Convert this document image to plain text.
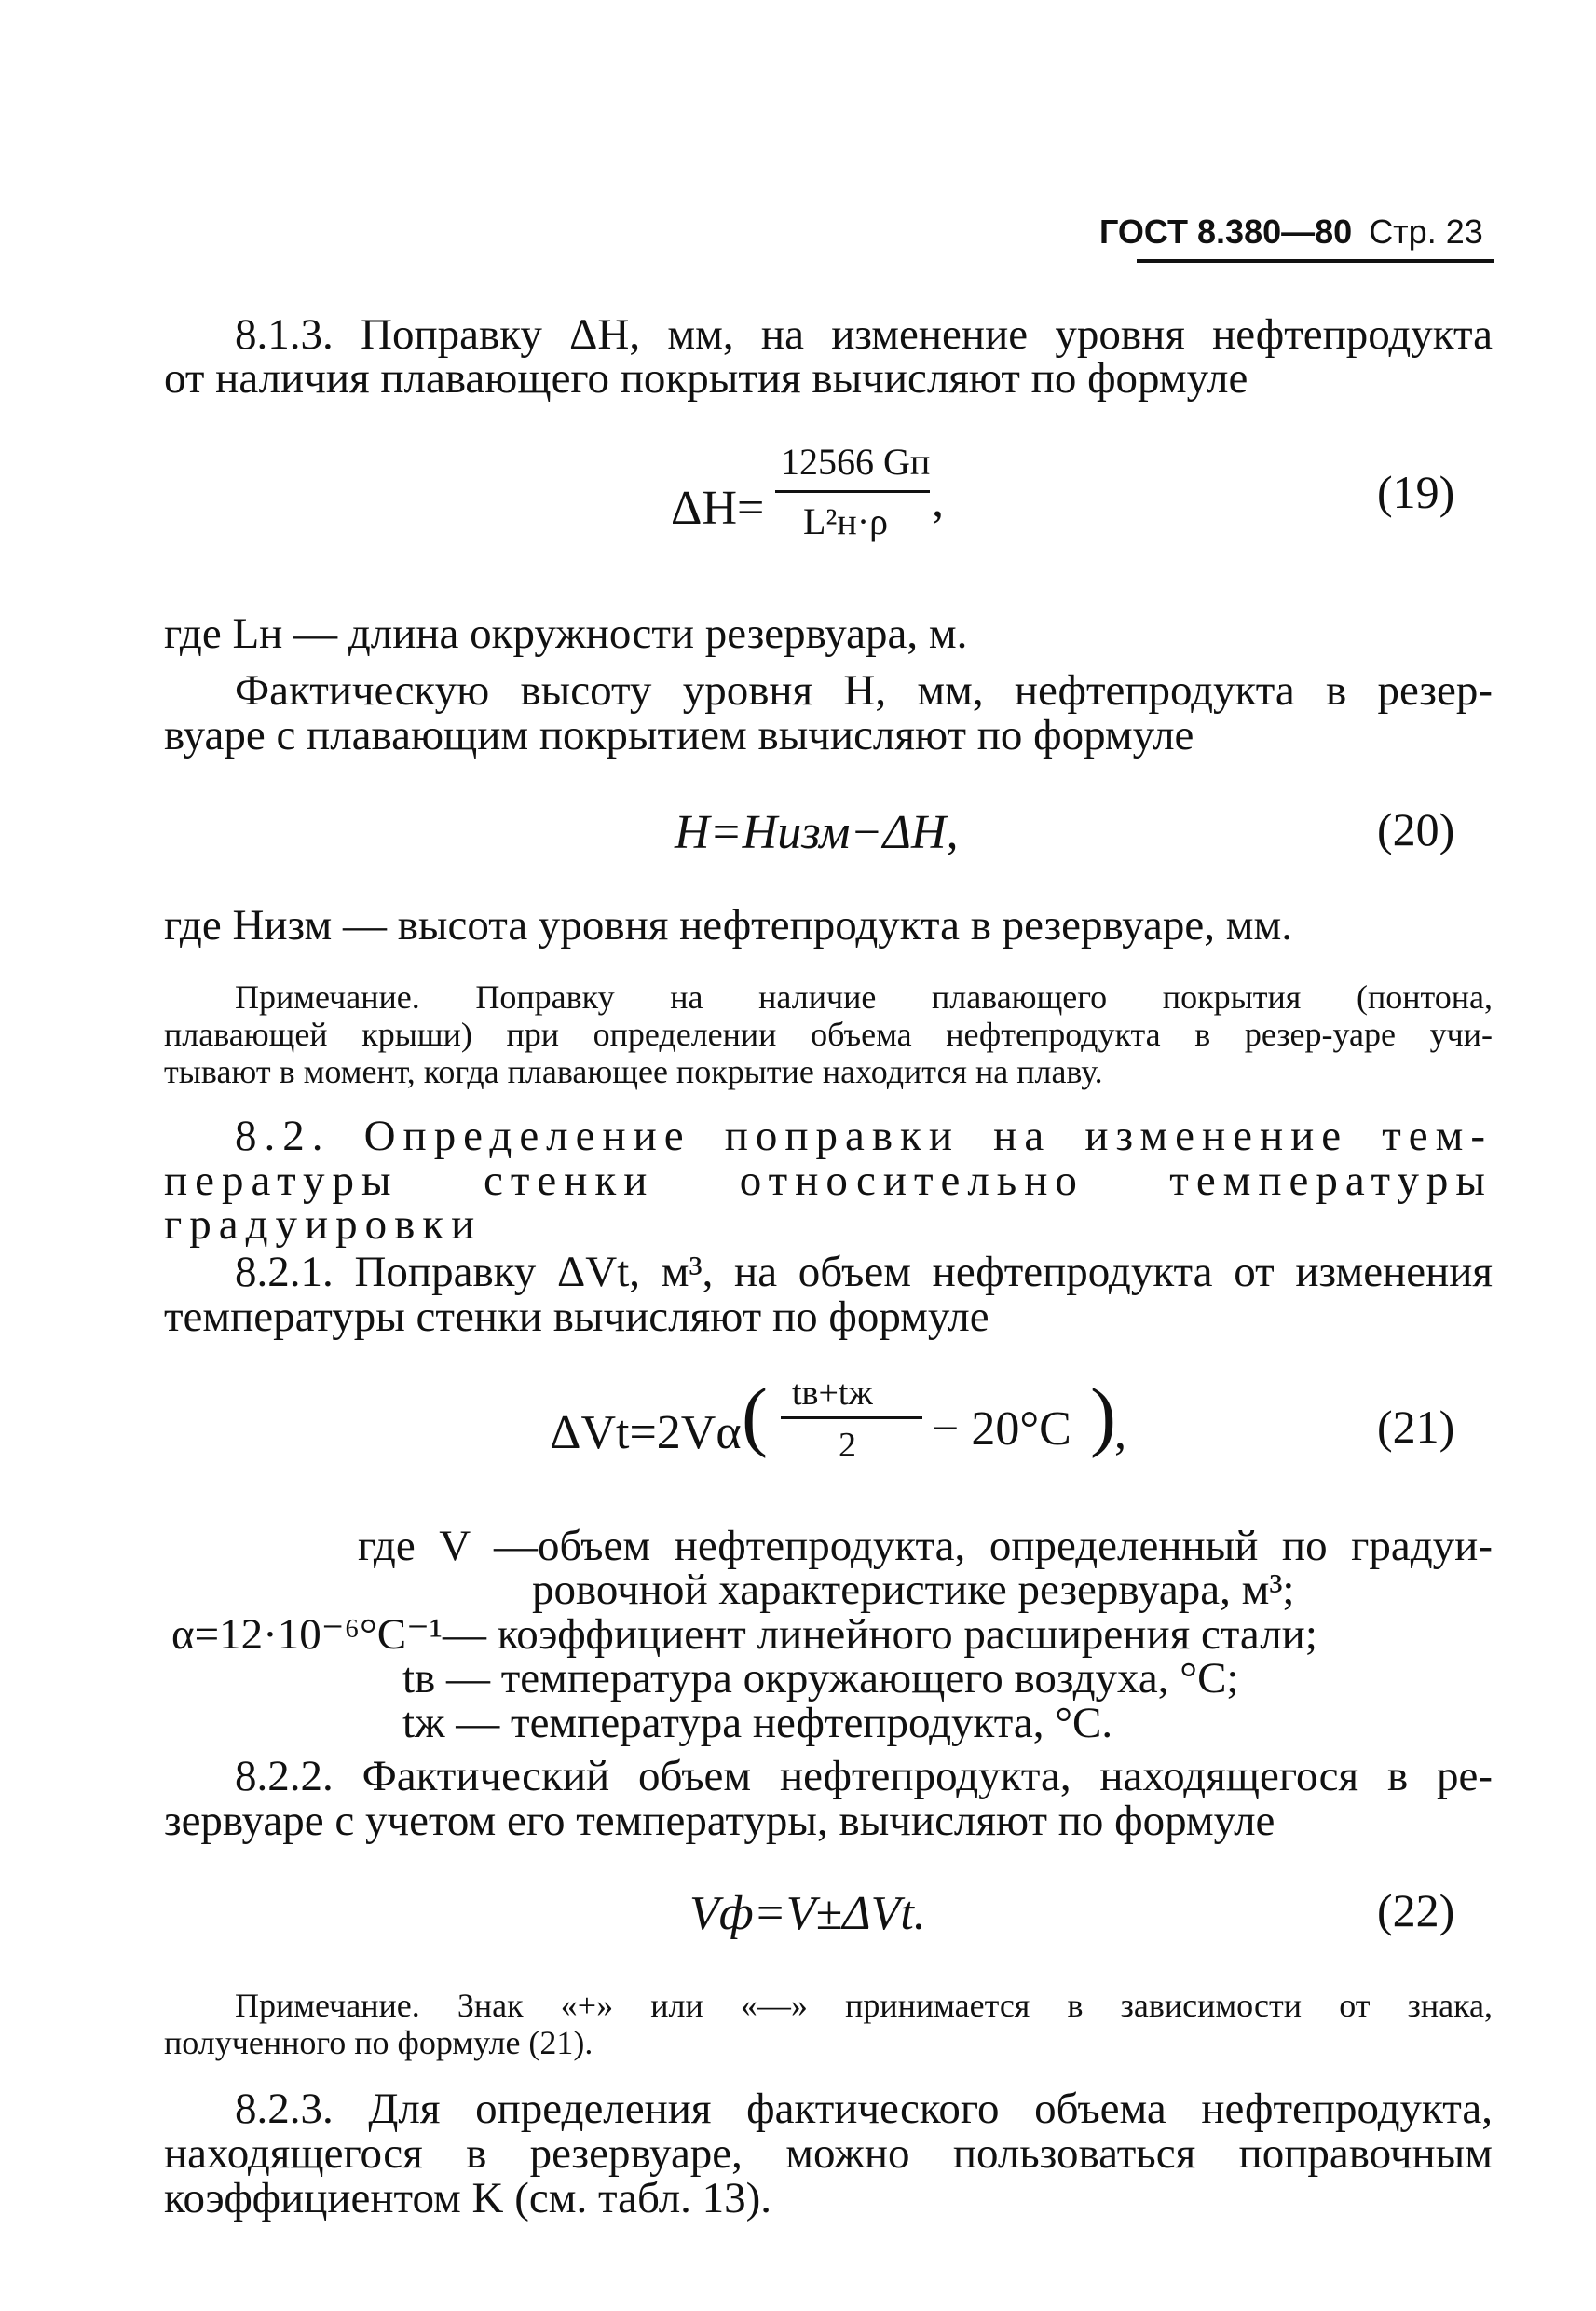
ГОСТ 8.380—80 Стр. 23
8.1.3. Поправку ΔH, мм, на изменение уровня нефтепродукта
от наличия плавающего покрытия вычисляют по формуле
ΔH=
12566 Gп
L²н·ρ ,	(19)
где Lн — длина окружности резервуара, м.
Фактическую высоту уровня H, мм, нефтепродукта в резер-
вуаре с плавающим покрытием вычисляют по формуле
H=Hизм−ΔH,	(20)
где Hизм — высота уровня нефтепродукта в резервуаре, мм.
Примечание. Поправку на наличие плавающего покрытия (понтона,
плавающей крыши) при определении объема нефтепродукта в резер-уаре учи-
тывают в момент, когда плавающее покрытие находится на плаву.
8.2. Определение поправки на изменение тем-
пературы стенки относительно температуры
градуировки
8.2.1. Поправку ΔVt, м³, на объем нефтепродукта от изменения
температуры стенки вычисляют по формуле
ΔVt=2Vα ( tв+tж
2 − 20°C )
,	(21)
где V —объем нефтепродукта, определенный по градуи-
ровочной характеристике резервуара, м³;
α=12·10⁻⁶°C⁻¹— коэффициент линейного расширения стали;
tв — температура окружающего воздуха, °C;
tж — температура нефтепродукта, °C.
8.2.2. Фактический объем нефтепродукта, находящегося в ре-
зервуаре с учетом его температуры, вычисляют по формуле
Vф=V±ΔVt.	(22)
Примечание. Знак «+» или «—» принимается в зависимости от знака,
полученного по формуле (21).
8.2.3. Для определения фактического объема нефтепродукта,
находящегося в резервуаре, можно пользоваться поправочным
коэффициентом K (см. табл. 13).
